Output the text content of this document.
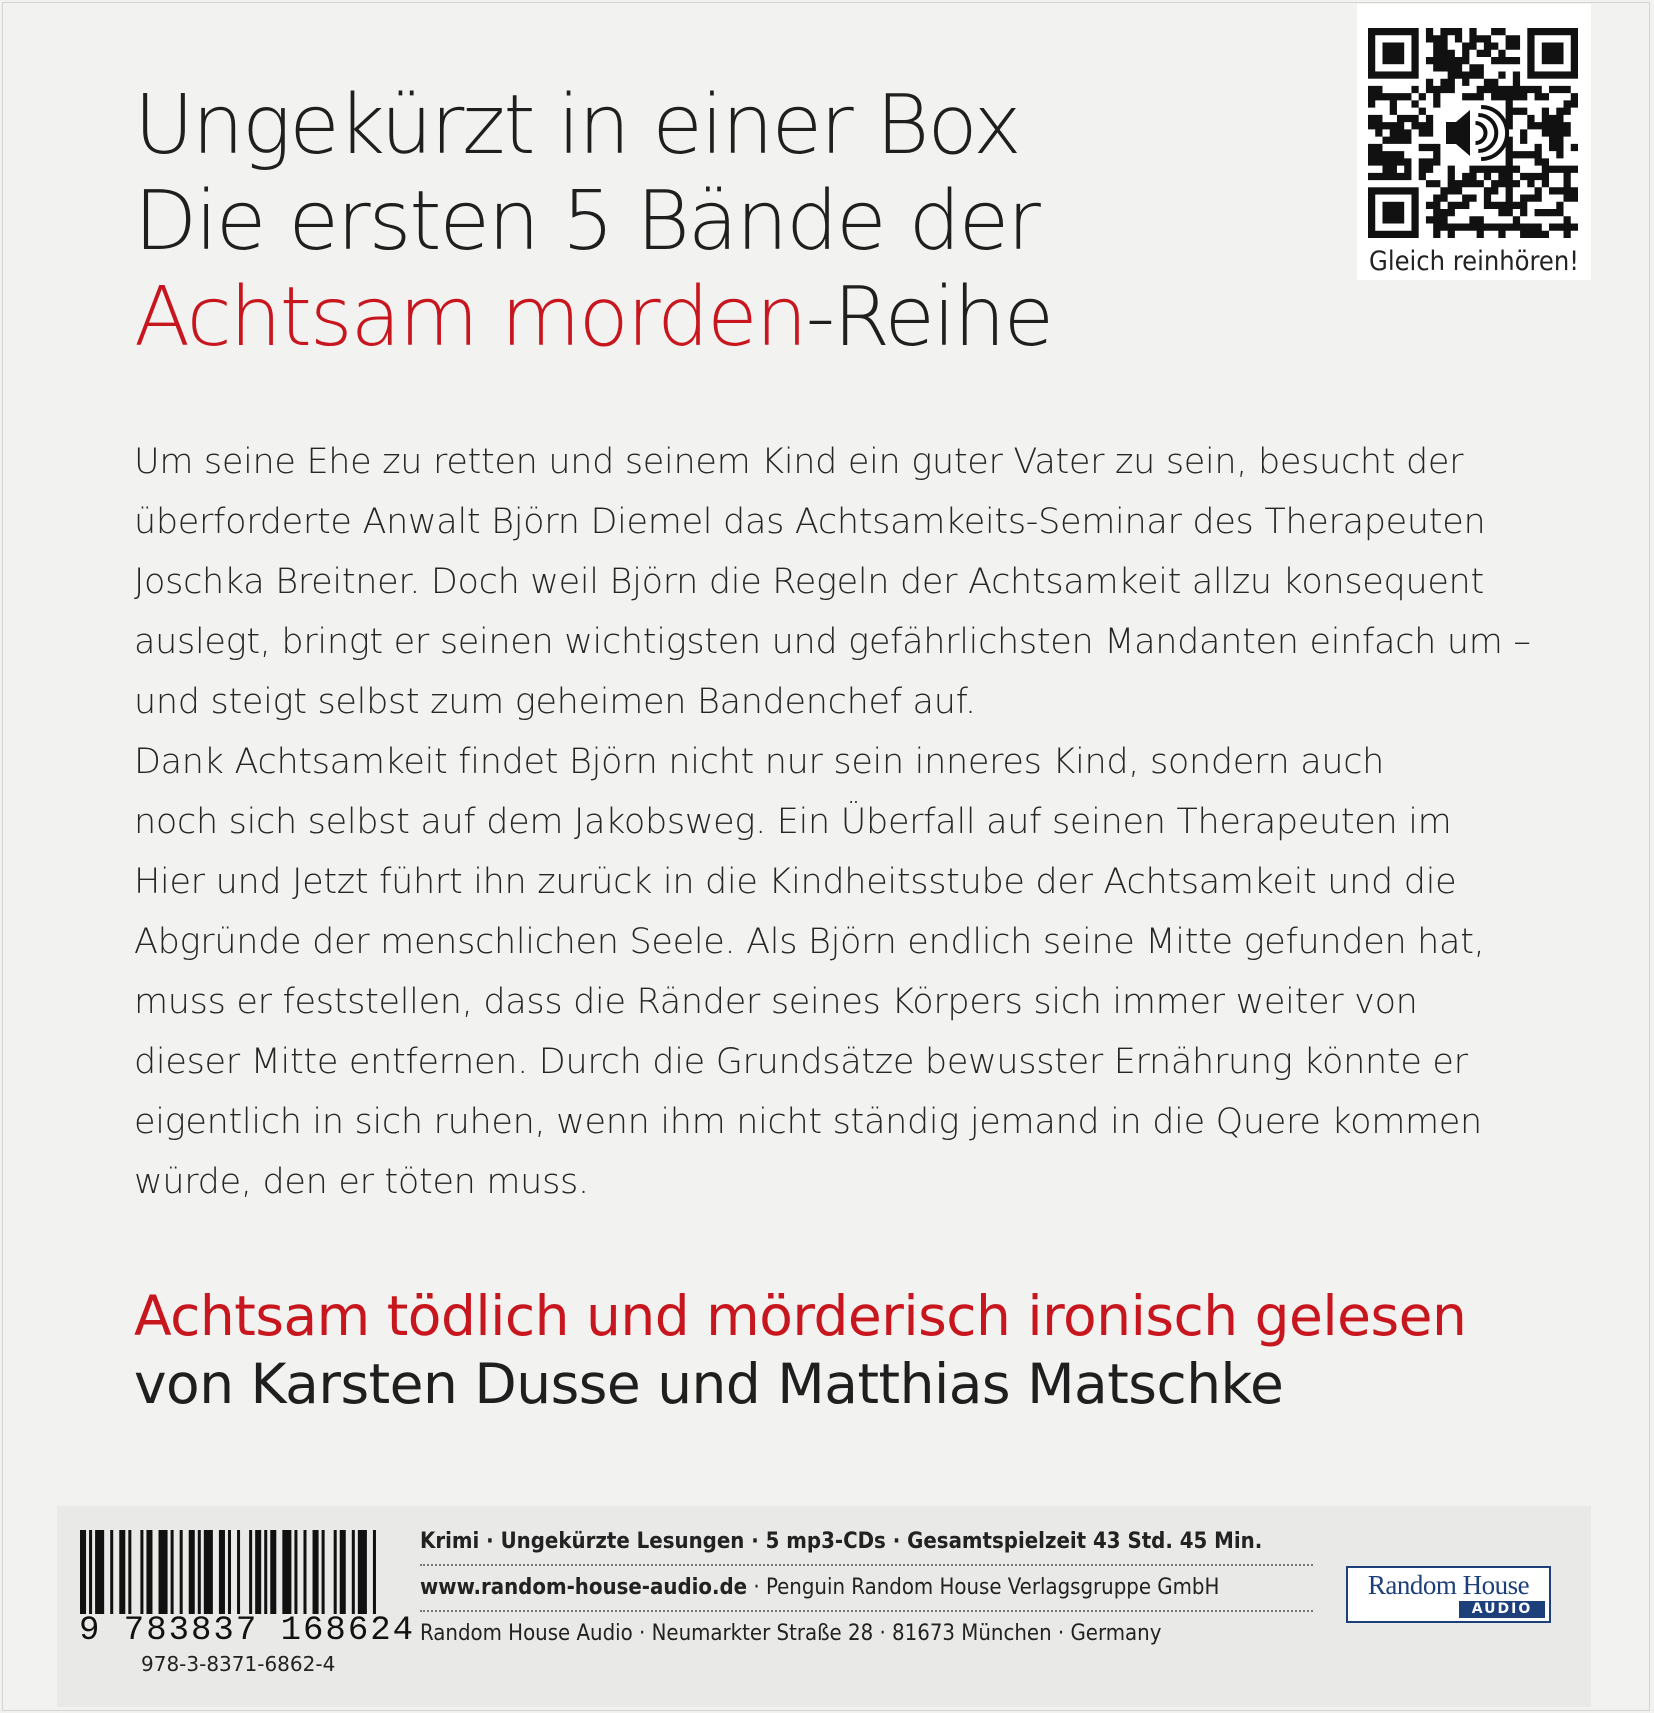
Ungekürzt in einer Box
Die ersten 5 Bände der
Achtsam morden-Reihe
Gleich reinhören!
Um seine Ehe zu retten und seinem Kind ein guter Vater zu sein, besucht der
überforderte Anwalt Björn Diemel das Achtsamkeits-Seminar des Therapeuten
Joschka Breitner. Doch weil Björn die Regeln der Achtsamkeit allzu konsequent
auslegt, bringt er seinen wichtigsten und gefährlichsten Mandanten einfach um –
und steigt selbst zum geheimen Bandenchef auf.
Dank Achtsamkeit findet Björn nicht nur sein inneres Kind, sondern auch
noch sich selbst auf dem Jakobsweg. Ein Überfall auf seinen Therapeuten im
Hier und Jetzt führt ihn zurück in die Kindheitsstube der Achtsamkeit und die
Abgründe der menschlichen Seele. Als Björn endlich seine Mitte gefunden hat,
muss er feststellen, dass die Ränder seines Körpers sich immer weiter von
dieser Mitte entfernen. Durch die Grundsätze bewusster Ernährung könnte er
eigentlich in sich ruhen, wenn ihm nicht ständig jemand in die Quere kommen
würde, den er töten muss.
Achtsam tödlich und mörderisch ironisch gelesen
von Karsten Dusse und Matthias Matschke
9 783837 168624
978-3-8371-6862-4
Krimi · Ungekürzte Lesungen · 5 mp3-CDs · Gesamtspielzeit 43 Std. 45 Min.
www.random-house-audio.de · Penguin Random House Verlagsgruppe GmbH
Random House Audio · Neumarkter Straße 28 · 81673 München · Germany
Random House
AUDIO
